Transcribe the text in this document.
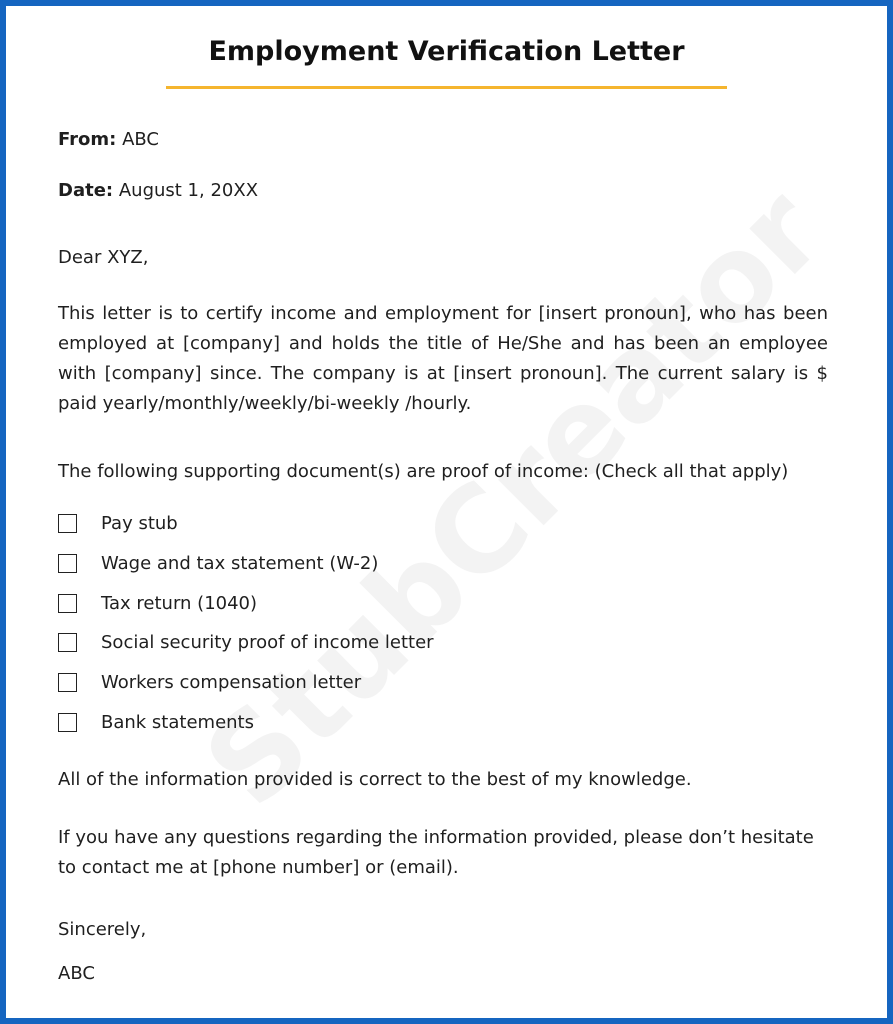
Employment Verification Letter

From: ABC

Date: August 1, 20XX

Dear XYZ,

This letter is to certify income and employment for [insert pronoun], who has been employed at [company] and holds the title of He/She and has been an employee with [company] since. The company is at [insert pronoun]. The current salary is $ paid yearly/monthly/weekly/bi-weekly /hourly.

The following supporting document(s) are proof of income: (Check all that apply)

Pay stub
Wage and tax statement (W-2)
Tax return (1040)
Social security proof of income letter
Workers compensation letter
Bank statements

All of the information provided is correct to the best of my knowledge.

If you have any questions regarding the information provided, please don’t hesitate to contact me at [phone number] or (email).

Sincerely,

ABC
